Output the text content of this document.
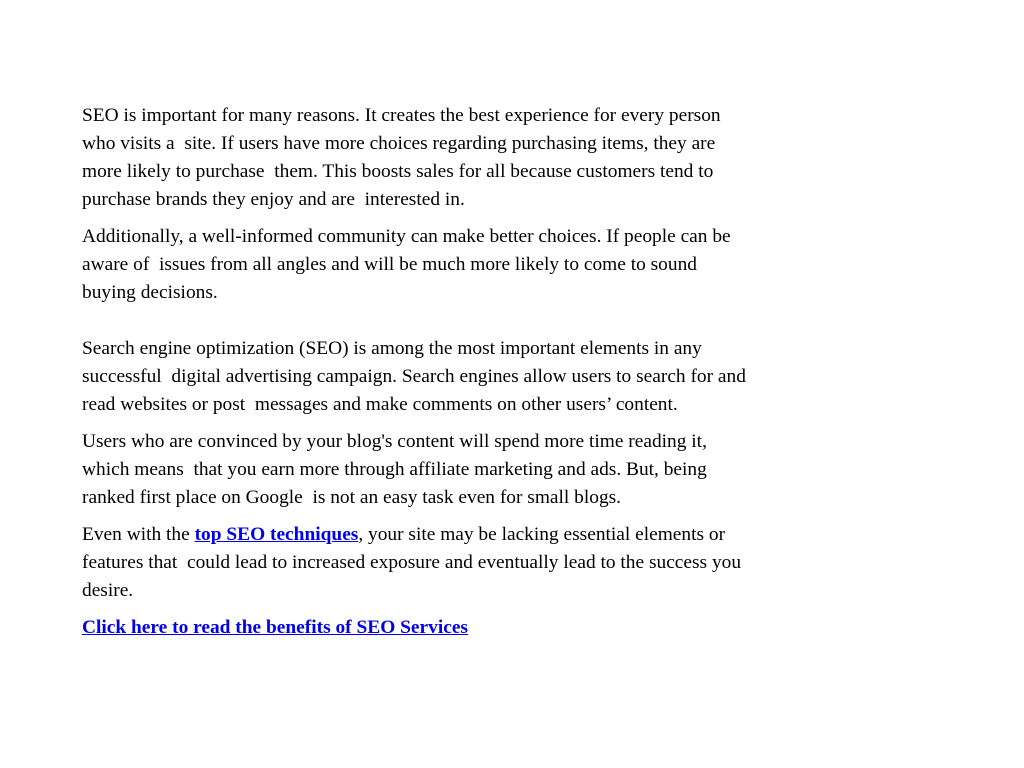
SEO is important for many reasons. It creates the best experience for every person
who visits a  site. If users have more choices regarding purchasing items, they are
more likely to purchase  them. This boosts sales for all because customers tend to
purchase brands they enjoy and are  interested in.

Additionally, a well-informed community can make better choices. If people can be
aware of  issues from all angles and will be much more likely to come to sound
buying decisions.

Search engine optimization (SEO) is among the most important elements in any
successful  digital advertising campaign. Search engines allow users to search for and
read websites or post  messages and make comments on other users’ content.

Users who are convinced by your blog's content will spend more time reading it,
which means  that you earn more through affiliate marketing and ads. But, being
ranked first place on Google  is not an easy task even for small blogs.

Even with the top SEO techniques, your site may be lacking essential elements or
features that  could lead to increased exposure and eventually lead to the success you
desire.

Click here to read the benefits of SEO Services
